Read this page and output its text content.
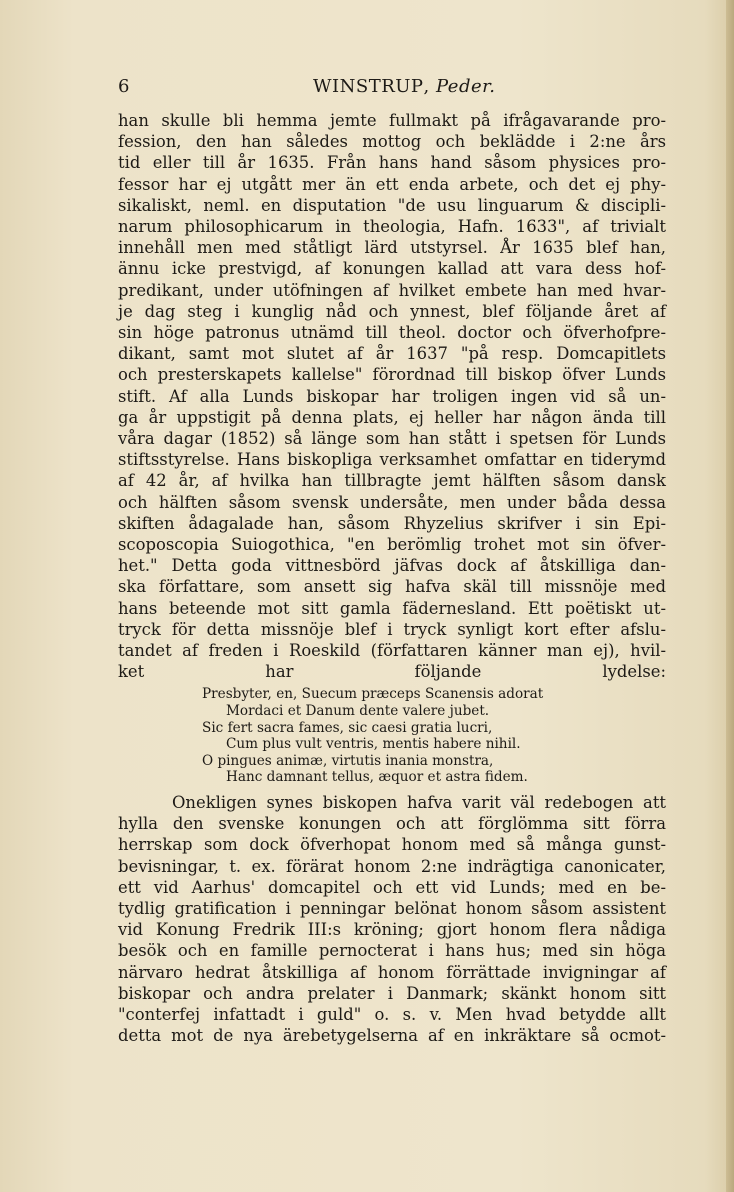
6	WINSTRUP, Peder.
han skulle bli hemma jemte fullmakt på ifrågavarande pro-
fession, den han således mottog och beklädde i 2:ne års
tid eller till år 1635. Från hans hand såsom physices pro-
fessor har ej utgått mer än ett enda arbete, och det ej phy-
sikaliskt, neml. en disputation "de usu linguarum & discipli-
narum philosophicarum in theologia, Hafn. 1633", af trivialt
innehåll men med ståtligt lärd utstyrsel. År 1635 blef han,
ännu icke prestvigd, af konungen kallad att vara dess hof-
predikant, under utöfningen af hvilket embete han med hvar-
je dag steg i kunglig nåd och ynnest, blef följande året af
sin höge patronus utnämd till theol. doctor och öfverhofpre-
dikant, samt mot slutet af år 1637 "på resp. Domcapitlets
och presterskapets kallelse" förordnad till biskop öfver Lunds
stift. Af alla Lunds biskopar har troligen ingen vid så un-
ga år uppstigit på denna plats, ej heller har någon ända till
våra dagar (1852) så länge som han stått i spetsen för Lunds
stiftsstyrelse. Hans biskopliga verksamhet omfattar en tiderymd
af 42 år, af hvilka han tillbragte jemt hälften såsom dansk
och hälften såsom svensk undersåte, men under båda dessa
skiften ådagalade han, såsom Rhyzelius skrifver i sin Epi-
scoposcopia Suiogothica, "en berömlig trohet mot sin öfver-
het." Detta goda vittnesbörd jäfvas dock af åtskilliga dan-
ska författare, som ansett sig hafva skäl till missnöje med
hans beteende mot sitt gamla fädernesland. Ett poëtiskt ut-
tryck för detta missnöje blef i tryck synligt kort efter afslu-
tandet af freden i Roeskild (författaren känner man ej), hvil-
ket har följande lydelse:
Presbyter, en, Suecum præceps Scanensis adorat
Mordaci et Danum dente valere jubet.
Sic fert sacra fames, sic caesi gratia lucri,
Cum plus vult ventris, mentis habere nihil.
O pingues animæ, virtutis inania monstra,
Hanc damnant tellus, æquor et astra fidem.
Onekligen synes biskopen hafva varit väl redebogen att
hylla den svenske konungen och att förglömma sitt förra
herrskap som dock öfverhopat honom med så många gunst-
bevisningar, t. ex. förärat honom 2:ne indrägtiga canonicater,
ett vid Aarhus' domcapitel och ett vid Lunds; med en be-
tydlig gratification i penningar belönat honom såsom assistent
vid Konung Fredrik III:s kröning; gjort honom flera nådiga
besök och en famille pernocterat i hans hus; med sin höga
närvaro hedrat åtskilliga af honom förrättade invigningar af
biskopar och andra prelater i Danmark; skänkt honom sitt
"conterfej infattadt i guld" o. s. v. Men hvad betydde allt
detta mot de nya ärebetygelserna af en inkräktare så ocmot-
